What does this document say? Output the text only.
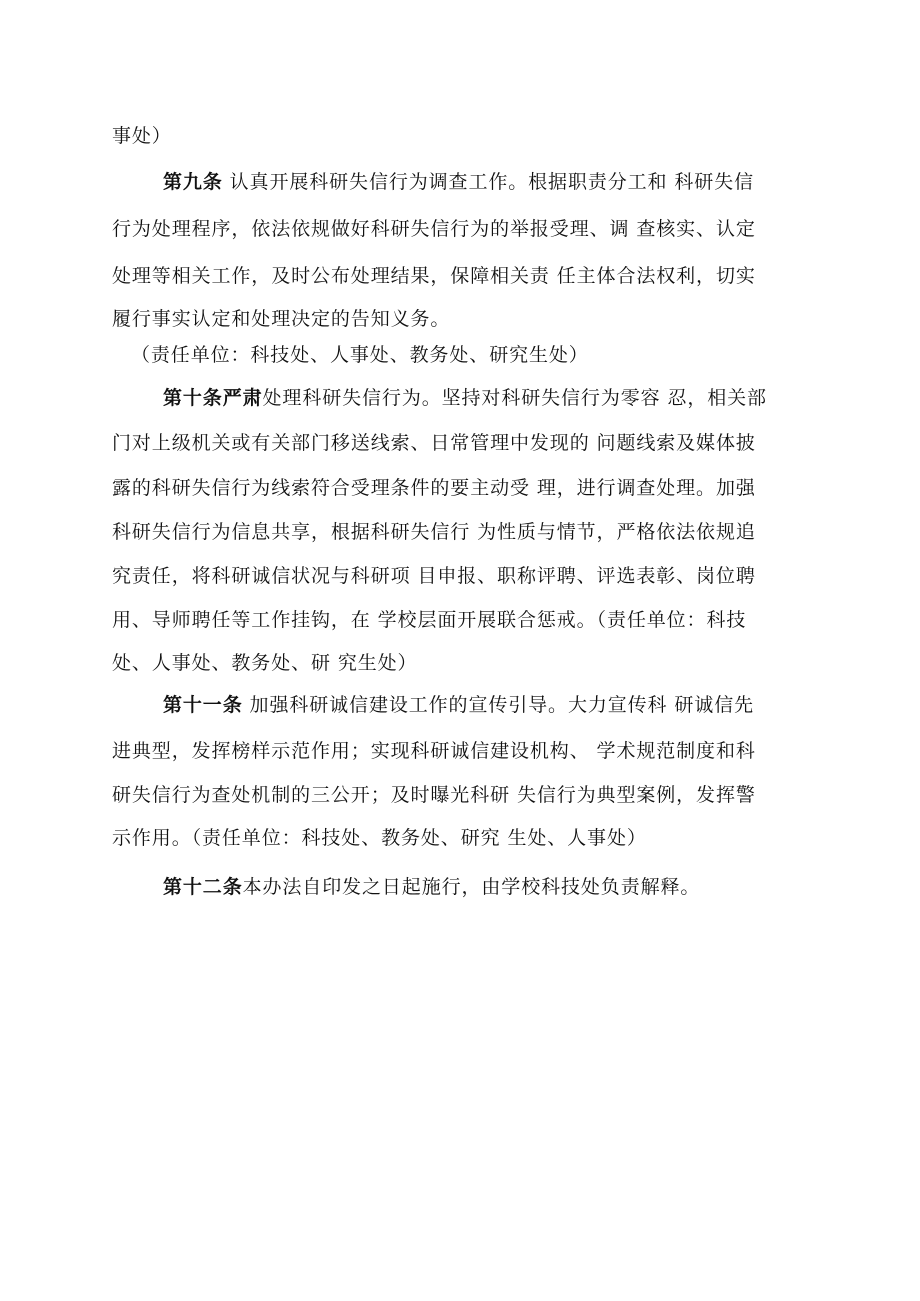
事处）
第九条 认真开展科研失信行为调查工作。根据职责分工和 科研失信
行为处理程序，依法依规做好科研失信行为的举报受理、调 查核实、认定
处理等相关工作，及时公布处理结果，保障相关责 任主体合法权利，切实
履行事实认定和处理决定的告知义务。
（责任单位：科技处、人事处、教务处、研究生处）
第十条严肃处理科研失信行为。坚持对科研失信行为零容 忍，相关部
门对上级机关或有关部门移送线索、日常管理中发现的 问题线索及媒体披
露的科研失信行为线索符合受理条件的要主动受 理，进行调查处理。加强
科研失信行为信息共享，根据科研失信行 为性质与情节，严格依法依规追
究责任，将科研诚信状况与科研项 目申报、职称评聘、评选表彰、岗位聘
用、导师聘任等工作挂钩，在 学校层面开展联合惩戒。（责任单位：科技
处、人事处、教务处、研 究生处）
第十一条 加强科研诚信建设工作的宣传引导。大力宣传科 研诚信先
进典型，发挥榜样示范作用；实现科研诚信建设机构、 学术规范制度和科
研失信行为查处机制的三公开；及时曝光科研 失信行为典型案例，发挥警
示作用。（责任单位：科技处、教务处、研究 生处、人事处）
第十二条本办法自印发之日起施行，由学校科技处负责解释。
